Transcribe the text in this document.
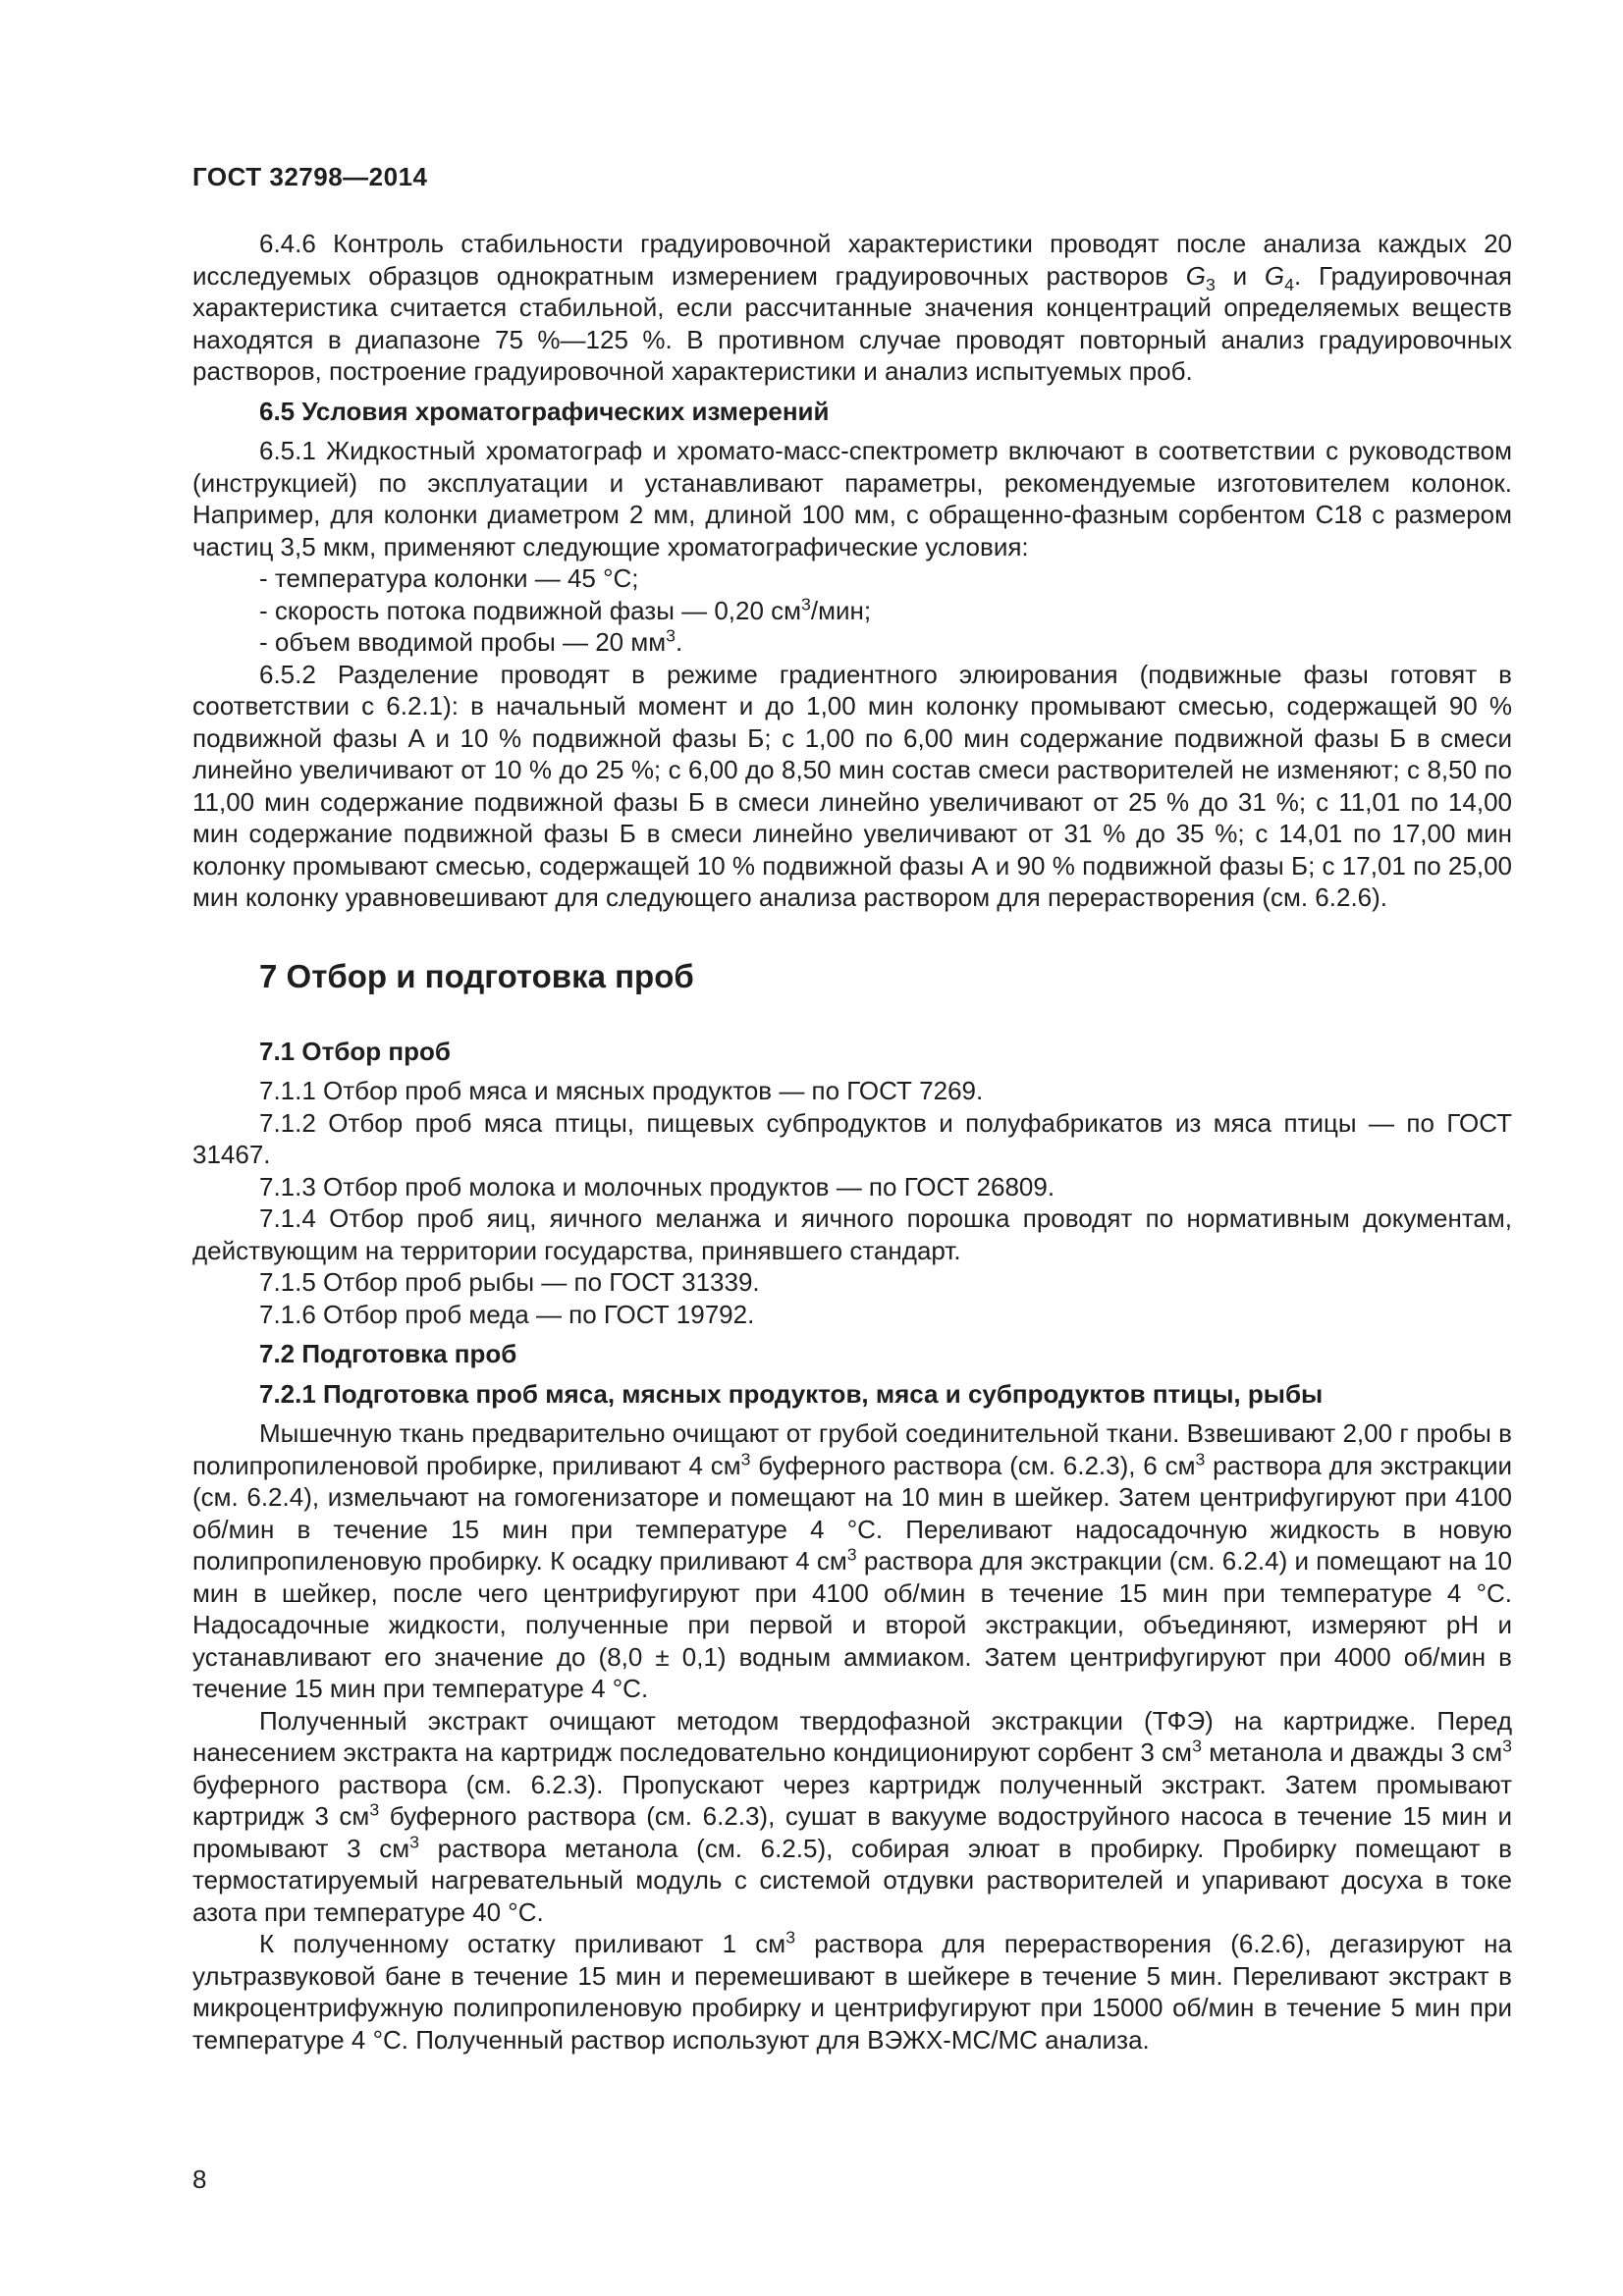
ГОСТ 32798—2014

6.4.6 Контроль стабильности градуировочной характеристики проводят после анализа каждых 20 исследуемых образцов однократным измерением градуировочных растворов $G_3$ и $G_4$. Градуировочная характеристика считается стабильной, если рассчитанные значения концентраций определяемых веществ находятся в диапазоне 75 %—125 %. В противном случае проводят повторный анализ градуировочных растворов, построение градуировочной характеристики и анализ испытуемых проб.

6.5 Условия хроматографических измерений

6.5.1 Жидкостный хроматограф и хромато-масс-спектрометр включают в соответствии с руководством (инструкцией) по эксплуатации и устанавливают параметры, рекомендуемые изготовителем колонок. Например, для колонки диаметром 2 мм, длиной 100 мм, с обращенно-фазным сорбентом С18 с размером частиц 3,5 мкм, применяют следующие хроматографические условия:

- температура колонки — 45 °С;

- скорость потока подвижной фазы — 0,20 $см^3$/мин;

- объем вводимой пробы — 20 $мм^3$.

6.5.2 Разделение проводят в режиме градиентного элюирования (подвижные фазы готовят в соответствии с 6.2.1): в начальный момент и до 1,00 мин колонку промывают смесью, содержащей 90 % подвижной фазы А и 10 % подвижной фазы Б; с 1,00 по 6,00 мин содержание подвижной фазы Б в смеси линейно увеличивают от 10 % до 25 %; с 6,00 до 8,50 мин состав смеси растворителей не изменяют; с 8,50 по 11,00 мин содержание подвижной фазы Б в смеси линейно увеличивают от 25 % до 31 %; с 11,01 по 14,00 мин содержание подвижной фазы Б в смеси линейно увеличивают от 31 % до 35 %; с 14,01 по 17,00 мин колонку промывают смесью, содержащей 10 % подвижной фазы А и 90 % подвижной фазы Б; с 17,01 по 25,00 мин колонку уравновешивают для следующего анализа раствором для перерастворения (см. 6.2.6).

7 Отбор и подготовка проб

7.1 Отбор проб

7.1.1 Отбор проб мяса и мясных продуктов — по ГОСТ 7269.

7.1.2 Отбор проб мяса птицы, пищевых субпродуктов и полуфабрикатов из мяса птицы — по ГОСТ 31467.

7.1.3 Отбор проб молока и молочных продуктов — по ГОСТ 26809.

7.1.4 Отбор проб яиц, яичного меланжа и яичного порошка проводят по нормативным документам, действующим на территории государства, принявшего стандарт.

7.1.5 Отбор проб рыбы — по ГОСТ 31339.

7.1.6 Отбор проб меда — по ГОСТ 19792.

7.2 Подготовка проб

7.2.1 Подготовка проб мяса, мясных продуктов, мяса и субпродуктов птицы, рыбы

Мышечную ткань предварительно очищают от грубой соединительной ткани. Взвешивают 2,00 г пробы в полипропиленовой пробирке, приливают 4 $см^3$ буферного раствора (см. 6.2.3), 6 $см^3$ раствора для экстракции (см. 6.2.4), измельчают на гомогенизаторе и помещают на 10 мин в шейкер. Затем центрифугируют при 4100 об/мин в течение 15 мин при температуре 4 °С. Переливают надосадочную жидкость в новую полипропиленовую пробирку. К осадку приливают 4 $см^3$ раствора для экстракции (см. 6.2.4) и помещают на 10 мин в шейкер, после чего центрифугируют при 4100 об/мин в течение 15 мин при температуре 4 °С. Надосадочные жидкости, полученные при первой и второй экстракции, объединяют, измеряют рН и устанавливают его значение до (8,0 ± 0,1) водным аммиаком. Затем центрифугируют при 4000 об/мин в течение 15 мин при температуре 4 °С.

Полученный экстракт очищают методом твердофазной экстракции (ТФЭ) на картридже. Перед нанесением экстракта на картридж последовательно кондиционируют сорбент 3 $см^3$ метанола и дважды 3 $см^3$ буферного раствора (см. 6.2.3). Пропускают через картридж полученный экстракт. Затем промывают картридж 3 $см^3$ буферного раствора (см. 6.2.3), сушат в вакууме водоструйного насоса в течение 15 мин и промывают 3 $см^3$ раствора метанола (см. 6.2.5), собирая элюат в пробирку. Пробирку помещают в термостатируемый нагревательный модуль с системой отдувки растворителей и упаривают досуха в токе азота при температуре 40 °С.

К полученному остатку приливают 1 $см^3$ раствора для перерастворения (6.2.6), дегазируют на ультразвуковой бане в течение 15 мин и перемешивают в шейкере в течение 5 мин. Переливают экстракт в микроцентрифужную полипропиленовую пробирку и центрифугируют при 15000 об/мин в течение 5 мин при температуре 4 °С. Полученный раствор используют для ВЭЖХ-МС/МС анализа.

8
